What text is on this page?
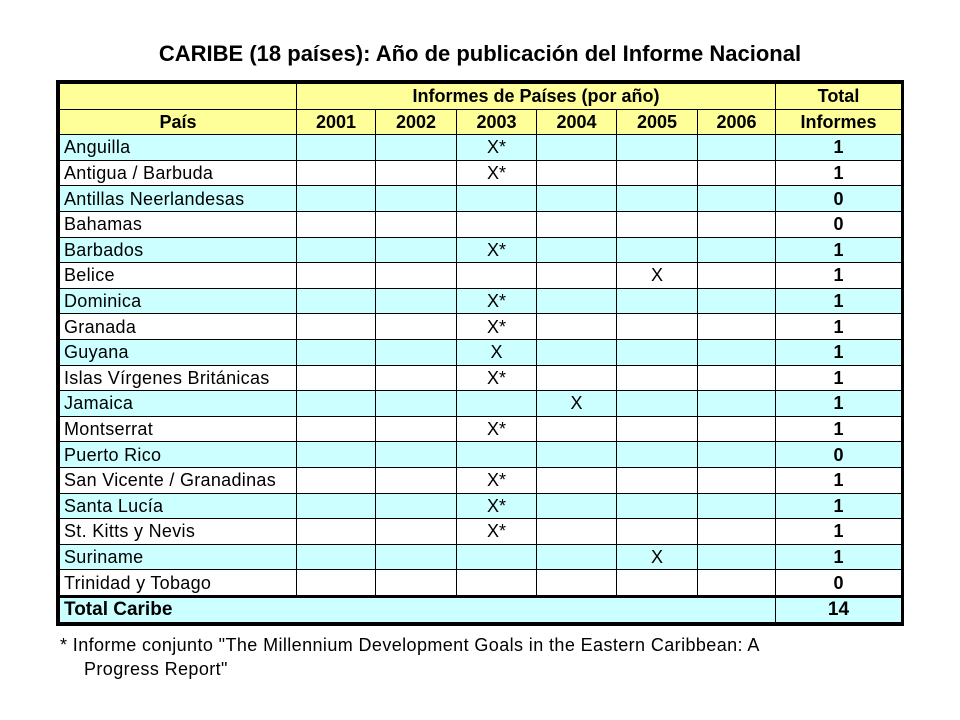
CARIBE (18 países): Año de publicación del Informe Nacional
	Informes de Países (por año)						Total
País	2001	2002	2003	2004	2005	2006	Informes
Anguilla			X*				1
Antigua / Barbuda			X*				1
Antillas Neerlandesas							0
Bahamas							0
Barbados			X*				1
Belice					X		1
Dominica			X*				1
Granada			X*				1
Guyana			X				1
Islas Vírgenes Británicas			X*				1
Jamaica				X			1
Montserrat			X*				1
Puerto Rico							0
San Vicente / Granadinas			X*				1
Santa Lucía			X*				1
St. Kitts y Nevis			X*				1
Suriname					X		1
Trinidad y Tobago							0
Total Caribe							14
* Informe conjunto "The Millennium Development Goals in the Eastern Caribbean: A
Progress Report"
